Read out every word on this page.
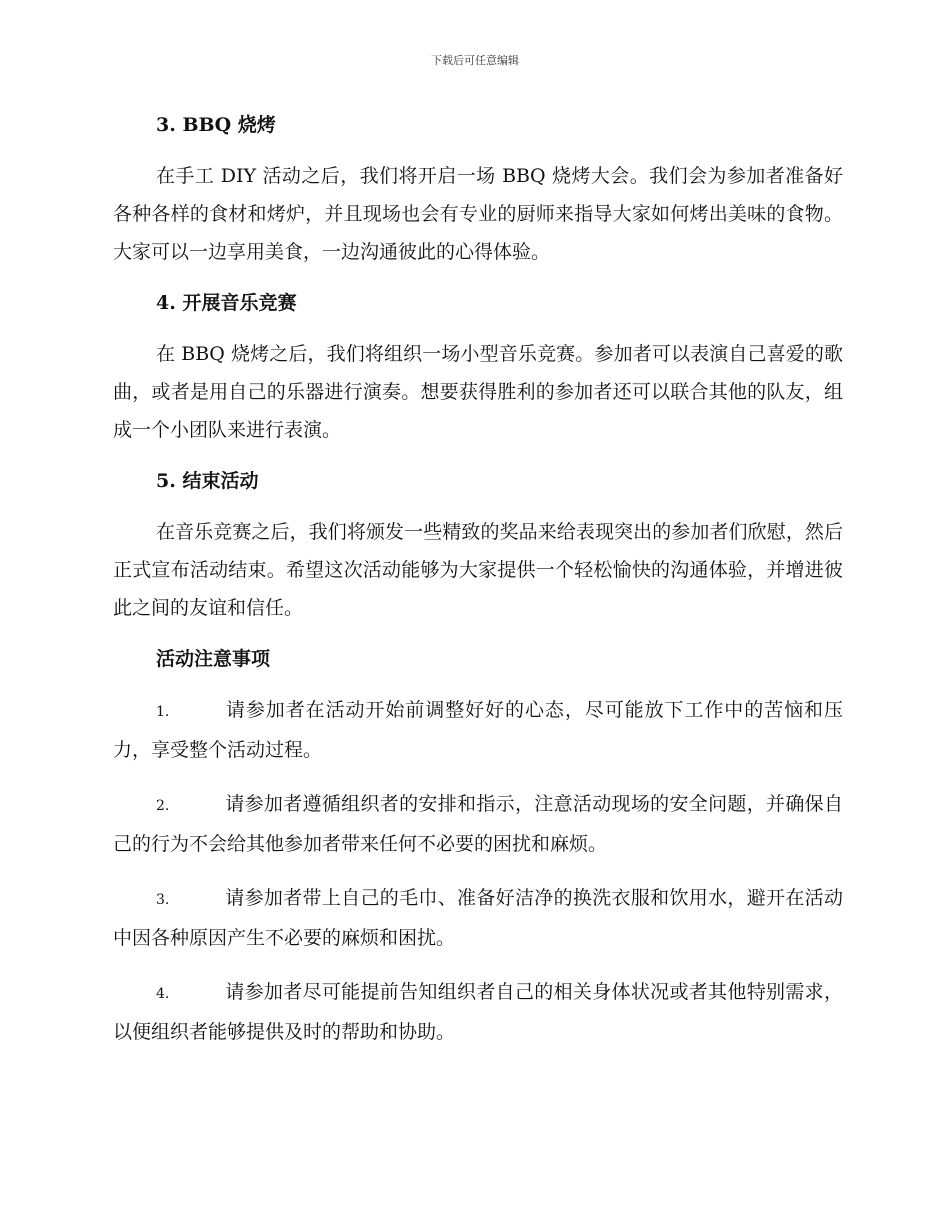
下载后可任意编辑
3. BBQ 烧烤

在手工 DIY 活动之后，我们将开启一场 BBQ 烧烤大会。我们会为参加者准备好各种各样的食材和烤炉，并且现场也会有专业的厨师来指导大家如何烤出美味的食物。大家可以一边享用美食，一边沟通彼此的心得体验。

4. 开展音乐竞赛

在 BBQ 烧烤之后，我们将组织一场小型音乐竞赛。参加者可以表演自己喜爱的歌曲，或者是用自己的乐器进行演奏。想要获得胜利的参加者还可以联合其他的队友，组成一个小团队来进行表演。

5. 结束活动

在音乐竞赛之后，我们将颁发一些精致的奖品来给表现突出的参加者们欣慰，然后正式宣布活动结束。希望这次活动能够为大家提供一个轻松愉快的沟通体验，并增进彼此之间的友谊和信任。

活动注意事项

1.	请参加者在活动开始前调整好好的心态，尽可能放下工作中的苦恼和压力，享受整个活动过程。

2.	请参加者遵循组织者的安排和指示，注意活动现场的安全问题，并确保自己的行为不会给其他参加者带来任何不必要的困扰和麻烦。

3.	请参加者带上自己的毛巾、准备好洁净的换洗衣服和饮用水，避开在活动中因各种原因产生不必要的麻烦和困扰。

4.	请参加者尽可能提前告知组织者自己的相关身体状况或者其他特别需求，以便组织者能够提供及时的帮助和协助。
